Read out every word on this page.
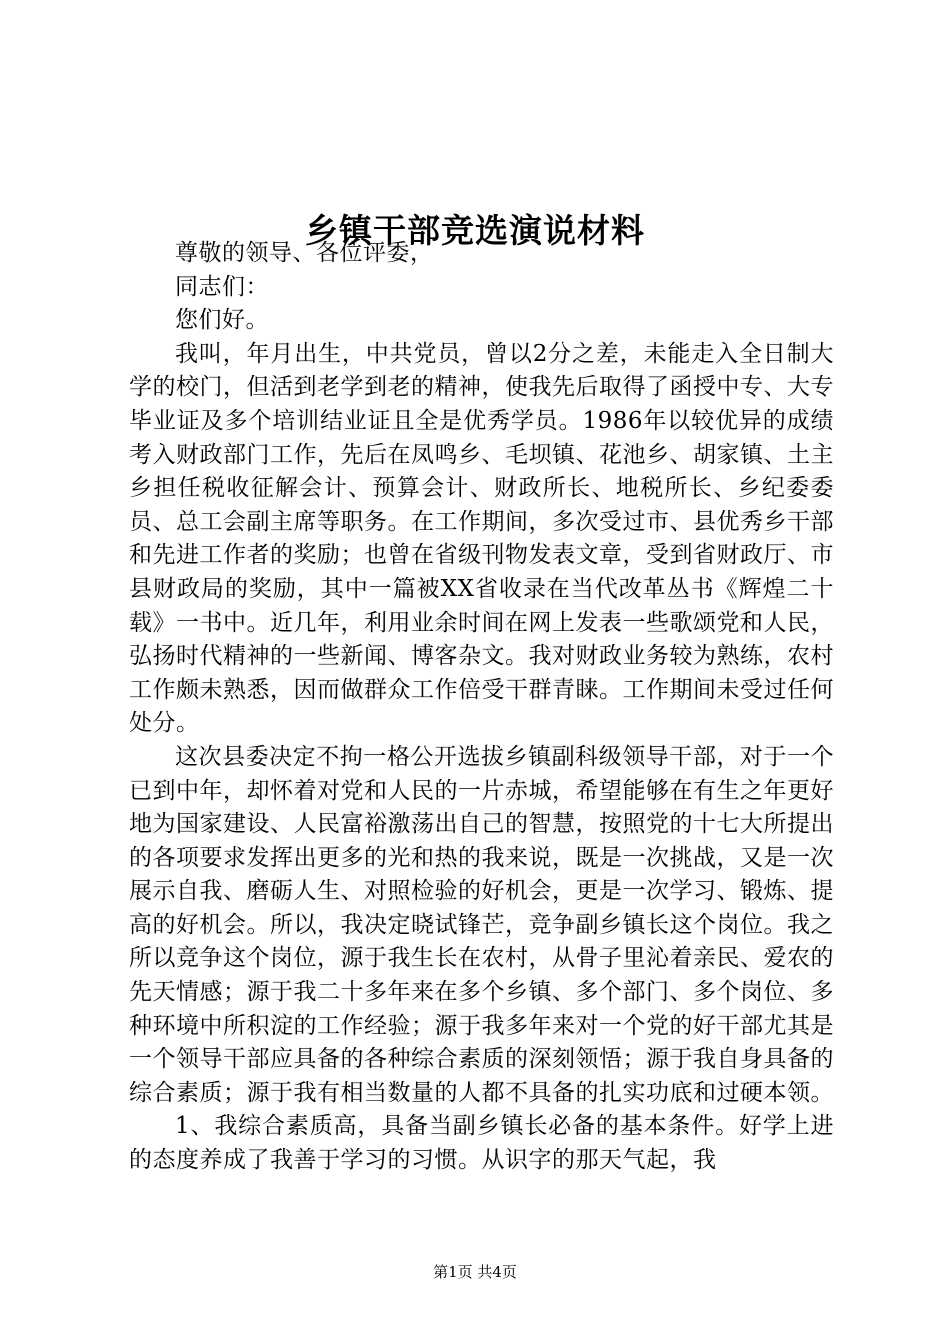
乡镇干部竞选演说材料

尊敬的领导、各位评委，

同志们：

您们好。

我叫，年月出生，中共党员，曾以2分之差，未能走入全日制大学的校门，但活到老学到老的精神，使我先后取得了函授中专、大专毕业证及多个培训结业证且全是优秀学员。1986年以较优异的成绩考入财政部门工作，先后在凤鸣乡、毛坝镇、花池乡、胡家镇、土主乡担任税收征解会计、预算会计、财政所长、地税所长、乡纪委委员、总工会副主席等职务。在工作期间，多次受过市、县优秀乡干部和先进工作者的奖励；也曾在省级刊物发表文章，受到省财政厅、市县财政局的奖励，其中一篇被XX省收录在当代改革丛书《辉煌二十载》一书中。近几年，利用业余时间在网上发表一些歌颂党和人民，弘扬时代精神的一些新闻、博客杂文。我对财政业务较为熟练，农村工作颇未熟悉，因而做群众工作倍受干群青睐。工作期间未受过任何处分。

这次县委决定不拘一格公开选拔乡镇副科级领导干部，对于一个已到中年，却怀着对党和人民的一片赤城，希望能够在有生之年更好地为国家建设、人民富裕激荡出自己的智慧，按照党的十七大所提出的各项要求发挥出更多的光和热的我来说，既是一次挑战，又是一次展示自我、磨砺人生、对照检验的好机会，更是一次学习、锻炼、提高的好机会。所以，我决定晓试锋芒，竞争副乡镇长这个岗位。我之所以竞争这个岗位，源于我生长在农村，从骨子里沁着亲民、爱农的先天情感；源于我二十多年来在多个乡镇、多个部门、多个岗位、多种环境中所积淀的工作经验；源于我多年来对一个党的好干部尤其是一个领导干部应具备的各种综合素质的深刻领悟；源于我自身具备的综合素质；源于我有相当数量的人都不具备的扎实功底和过硬本领。

1、我综合素质高，具备当副乡镇长必备的基本条件。好学上进的态度养成了我善于学习的习惯。从识字的那天气起，我

第1页 共4页
